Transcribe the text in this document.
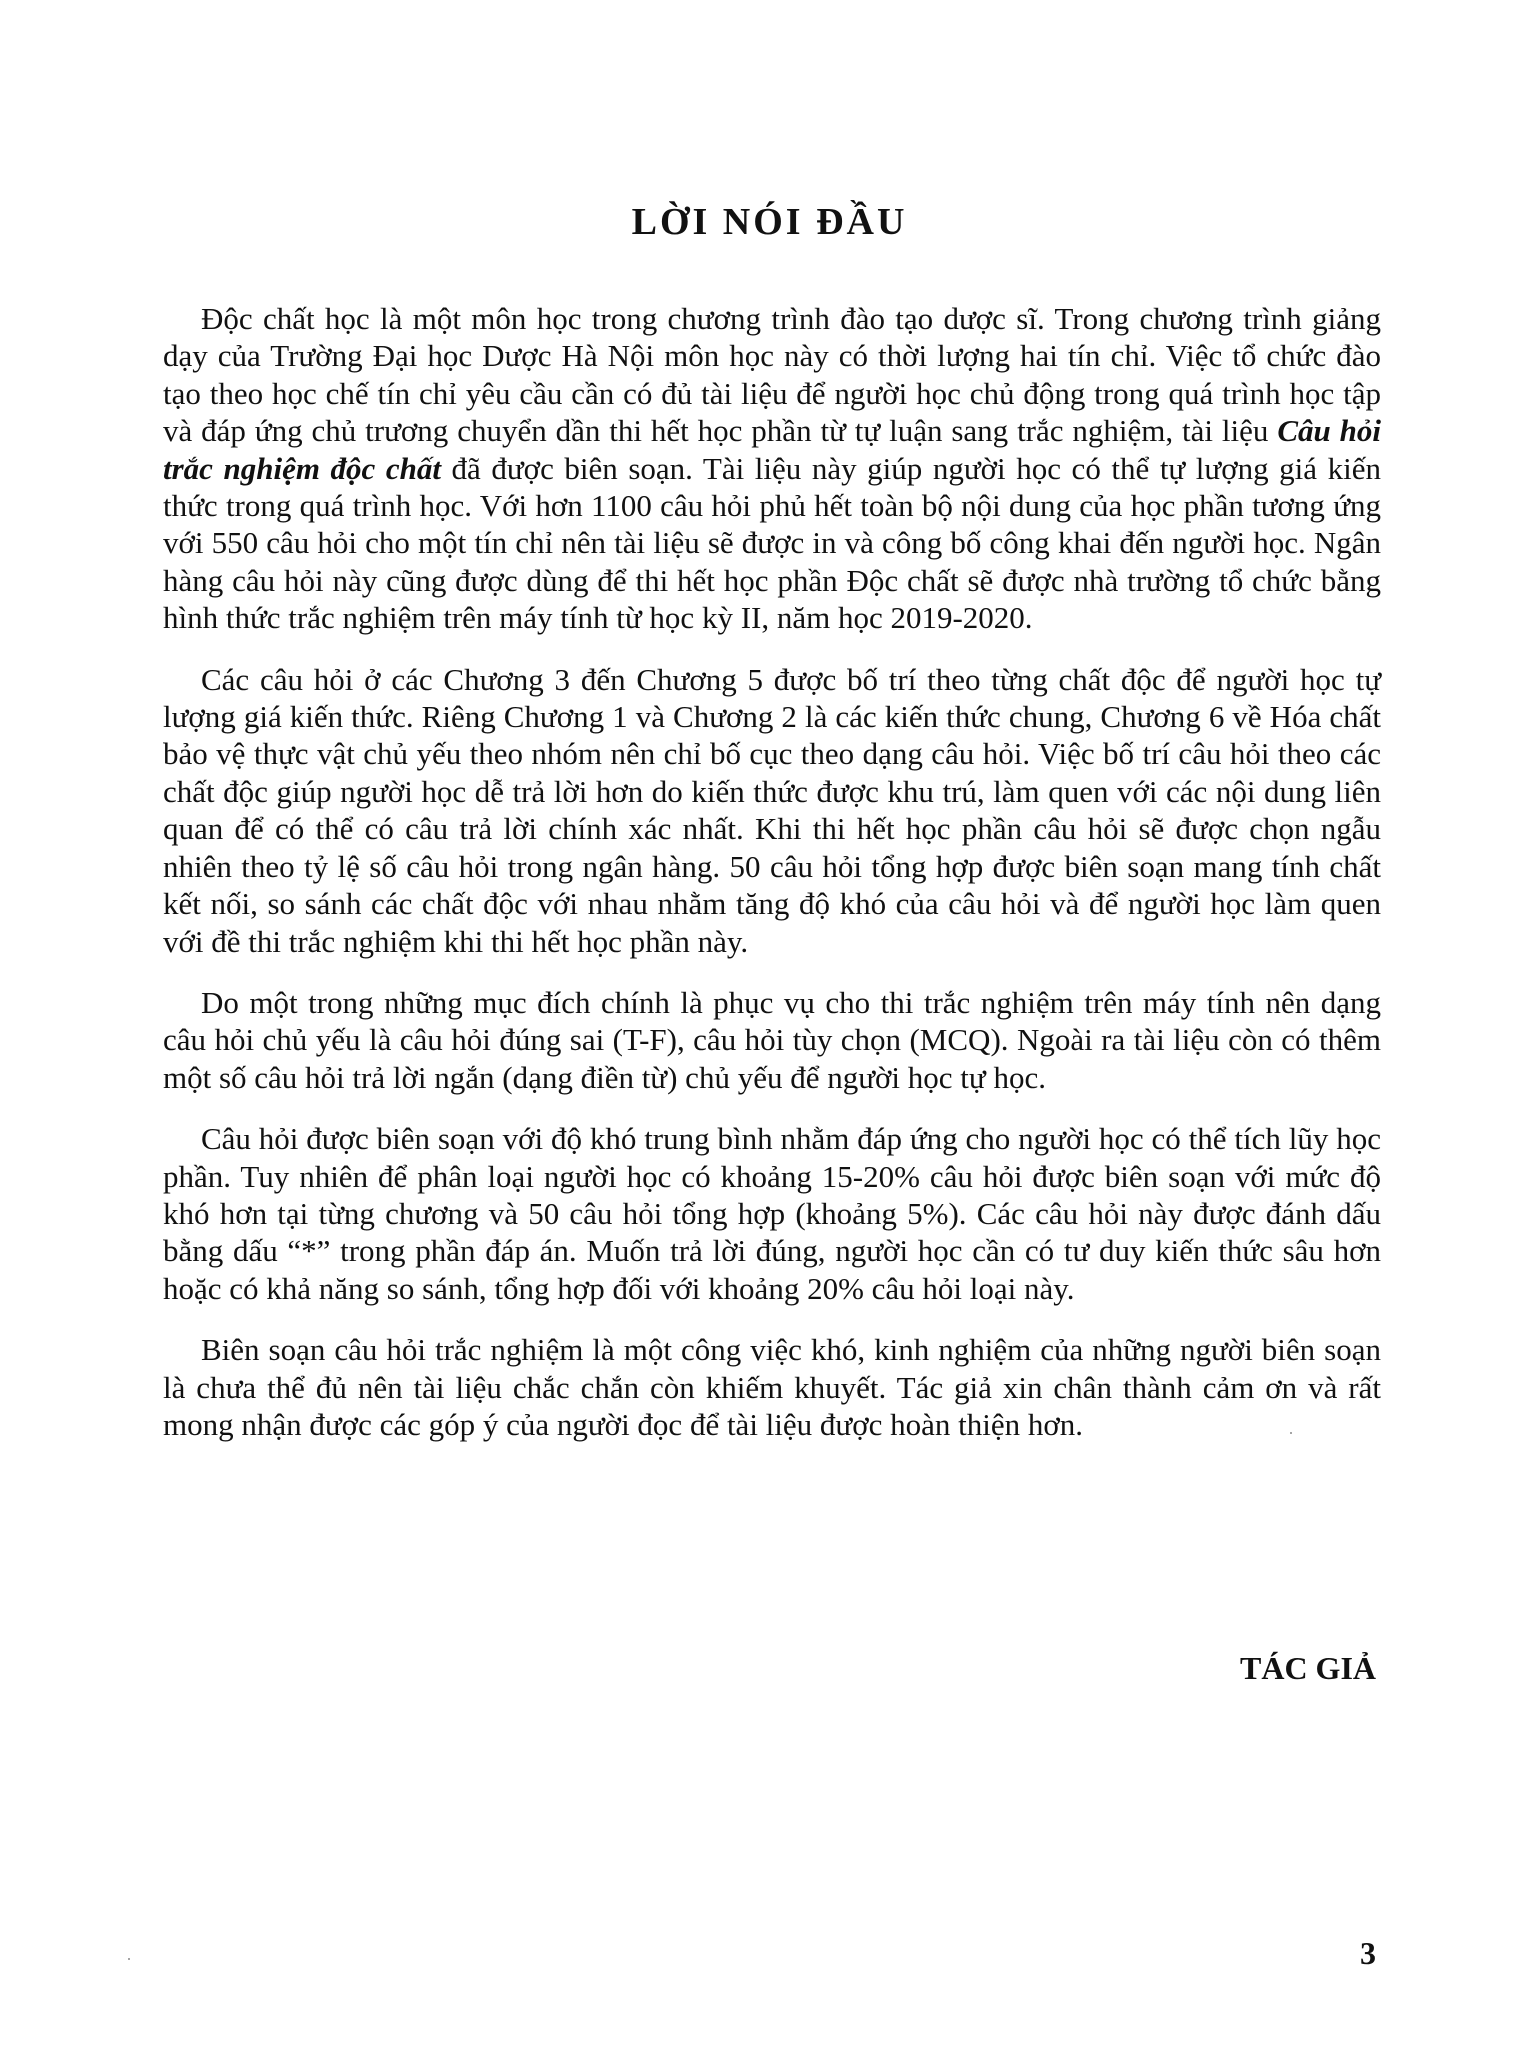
LỜI NÓI ĐẦU

Độc chất học là một môn học trong chương trình đào tạo dược sĩ. Trong chương trình giảng dạy của Trường Đại học Dược Hà Nội môn học này có thời lượng hai tín chỉ. Việc tổ chức đào tạo theo học chế tín chỉ yêu cầu cần có đủ tài liệu để người học chủ động trong quá trình học tập và đáp ứng chủ trương chuyển dần thi hết học phần từ tự luận sang trắc nghiệm, tài liệu Câu hỏi trắc nghiệm độc chất đã được biên soạn. Tài liệu này giúp người học có thể tự lượng giá kiến thức trong quá trình học. Với hơn 1100 câu hỏi phủ hết toàn bộ nội dung của học phần tương ứng với 550 câu hỏi cho một tín chỉ nên tài liệu sẽ được in và công bố công khai đến người học. Ngân hàng câu hỏi này cũng được dùng để thi hết học phần Độc chất sẽ được nhà trường tổ chức bằng hình thức trắc nghiệm trên máy tính từ học kỳ II, năm học 2019-2020.

Các câu hỏi ở các Chương 3 đến Chương 5 được bố trí theo từng chất độc để người học tự lượng giá kiến thức. Riêng Chương 1 và Chương 2 là các kiến thức chung, Chương 6 về Hóa chất bảo vệ thực vật chủ yếu theo nhóm nên chỉ bố cục theo dạng câu hỏi. Việc bố trí câu hỏi theo các chất độc giúp người học dễ trả lời hơn do kiến thức được khu trú, làm quen với các nội dung liên quan để có thể có câu trả lời chính xác nhất. Khi thi hết học phần câu hỏi sẽ được chọn ngẫu nhiên theo tỷ lệ số câu hỏi trong ngân hàng. 50 câu hỏi tổng hợp được biên soạn mang tính chất kết nối, so sánh các chất độc với nhau nhằm tăng độ khó của câu hỏi và để người học làm quen với đề thi trắc nghiệm khi thi hết học phần này.

Do một trong những mục đích chính là phục vụ cho thi trắc nghiệm trên máy tính nên dạng câu hỏi chủ yếu là câu hỏi đúng sai (T-F), câu hỏi tùy chọn (MCQ). Ngoài ra tài liệu còn có thêm một số câu hỏi trả lời ngắn (dạng điền từ) chủ yếu để người học tự học.

Câu hỏi được biên soạn với độ khó trung bình nhằm đáp ứng cho người học có thể tích lũy học phần. Tuy nhiên để phân loại người học có khoảng 15-20% câu hỏi được biên soạn với mức độ khó hơn tại từng chương và 50 câu hỏi tổng hợp (khoảng 5%). Các câu hỏi này được đánh dấu bằng dấu “*” trong phần đáp án. Muốn trả lời đúng, người học cần có tư duy kiến thức sâu hơn hoặc có khả năng so sánh, tổng hợp đối với khoảng 20% câu hỏi loại này.

Biên soạn câu hỏi trắc nghiệm là một công việc khó, kinh nghiệm của những người biên soạn là chưa thể đủ nên tài liệu chắc chắn còn khiếm khuyết. Tác giả xin chân thành cảm ơn và rất mong nhận được các góp ý của người đọc để tài liệu được hoàn thiện hơn.

TÁC GIẢ

3
